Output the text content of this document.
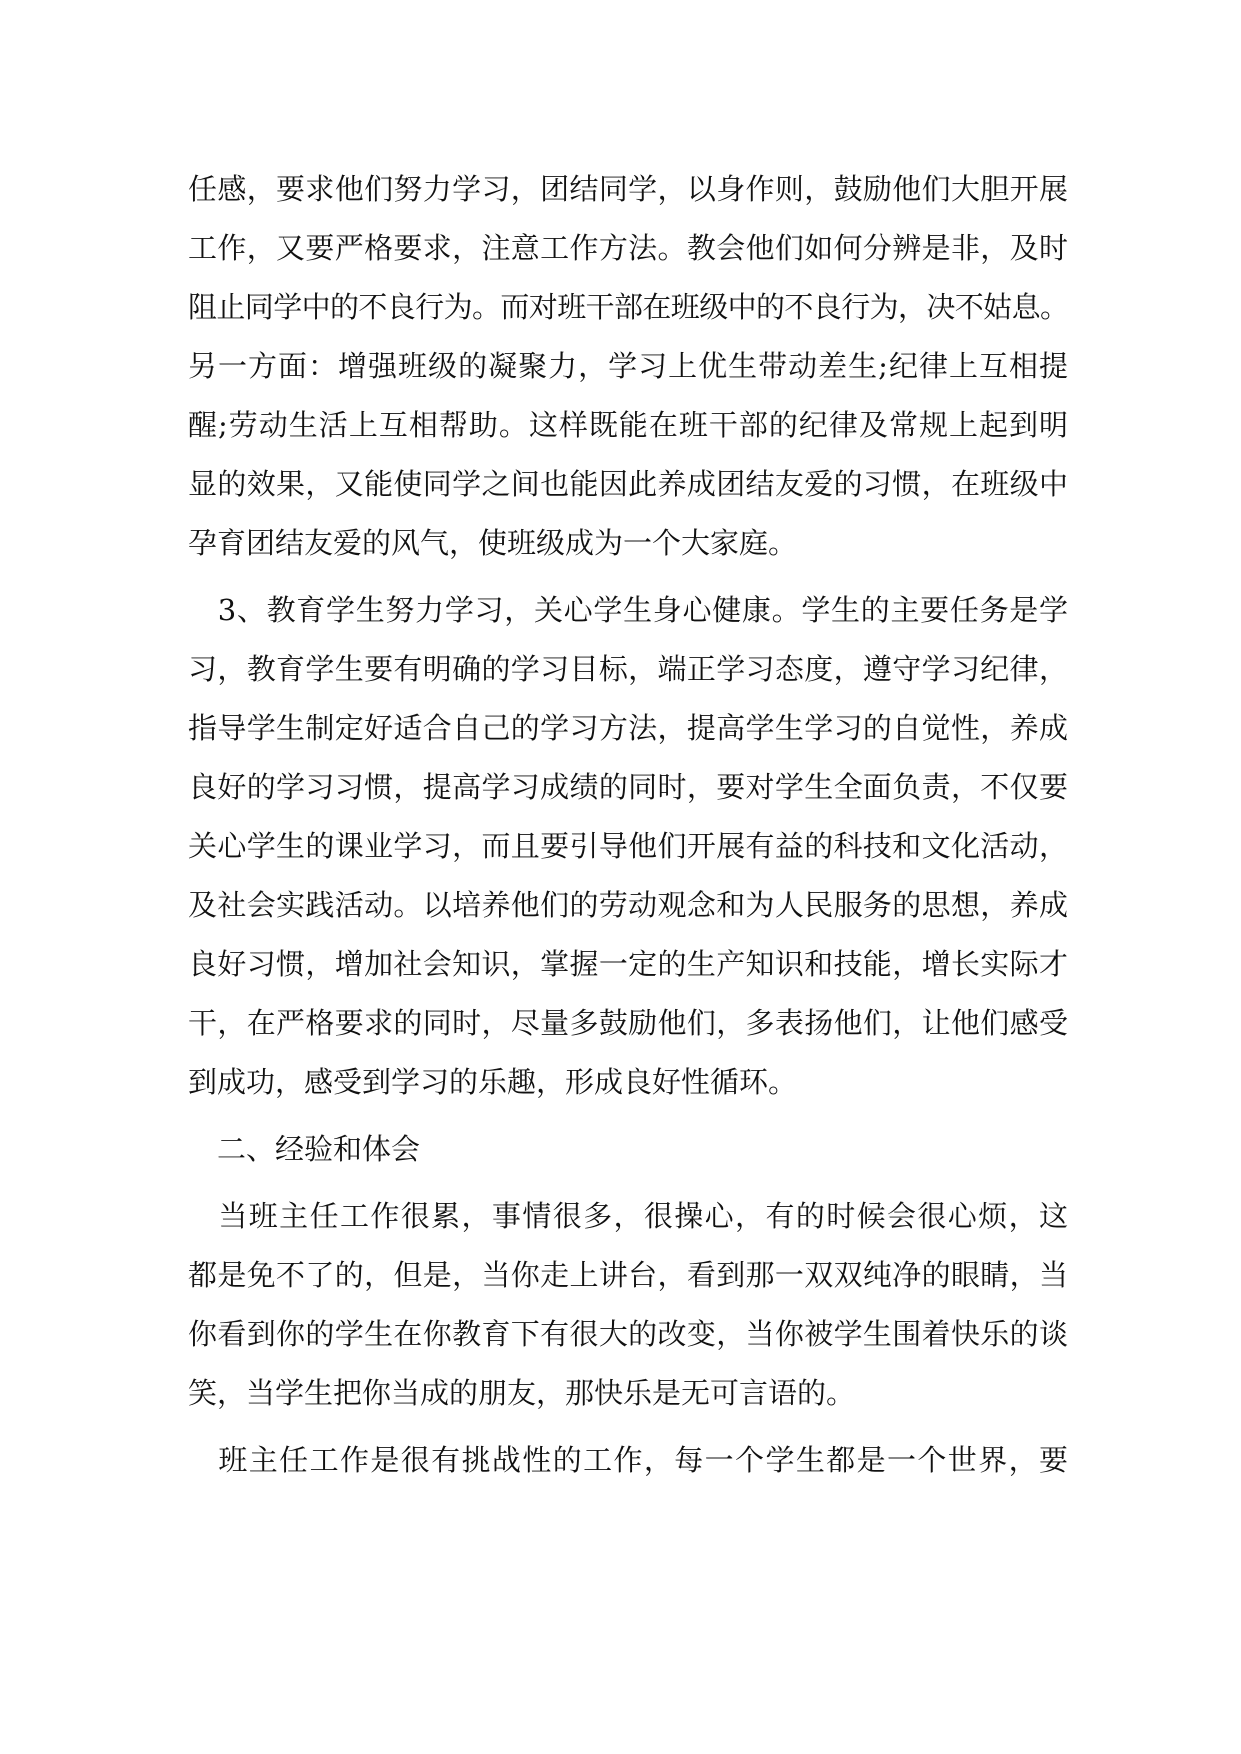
任感，要求他们努力学习，团结同学，以身作则，鼓励他们大胆开展
工作，又要严格要求，注意工作方法。教会他们如何分辨是非，及时
阻止同学中的不良行为。而对班干部在班级中的不良行为，决不姑息。
另一方面：增强班级的凝聚力，学习上优生带动差生;纪律上互相提
醒;劳动生活上互相帮助。这样既能在班干部的纪律及常规上起到明
显的效果，又能使同学之间也能因此养成团结友爱的习惯，在班级中
孕育团结友爱的风气，使班级成为一个大家庭。
　3、教育学生努力学习，关心学生身心健康。学生的主要任务是学
习，教育学生要有明确的学习目标，端正学习态度，遵守学习纪律，
指导学生制定好适合自己的学习方法，提高学生学习的自觉性，养成
良好的学习习惯，提高学习成绩的同时，要对学生全面负责，不仅要
关心学生的课业学习，而且要引导他们开展有益的科技和文化活动，
及社会实践活动。以培养他们的劳动观念和为人民服务的思想，养成
良好习惯，增加社会知识，掌握一定的生产知识和技能，增长实际才
干，在严格要求的同时，尽量多鼓励他们，多表扬他们，让他们感受
到成功，感受到学习的乐趣，形成良好性循环。
　二、经验和体会
　当班主任工作很累，事情很多，很操心，有的时候会很心烦，这
都是免不了的，但是，当你走上讲台，看到那一双双纯净的眼睛，当
你看到你的学生在你教育下有很大的改变，当你被学生围着快乐的谈
笑，当学生把你当成的朋友，那快乐是无可言语的。
　班主任工作是很有挑战性的工作，每一个学生都是一个世界，要
